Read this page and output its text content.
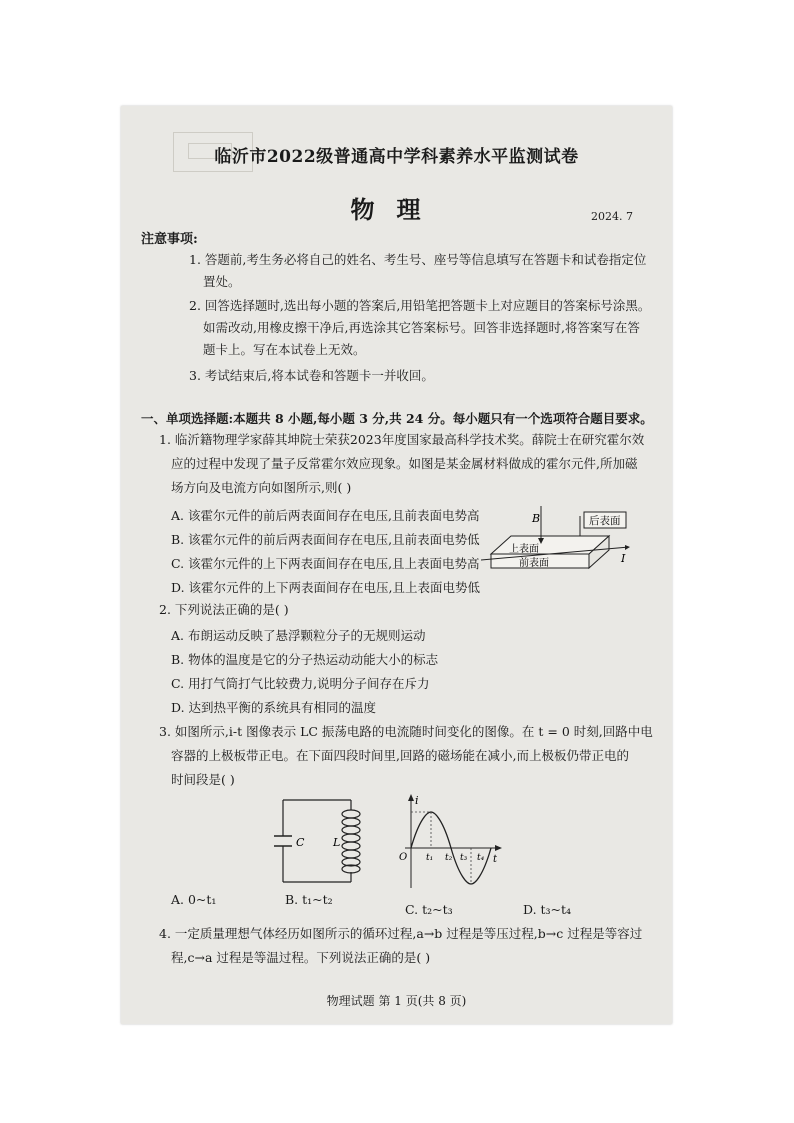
临沂市2022级普通高中学科素养水平监测试卷
物理	2024. 7
注意事项:
1. 答题前,考生务必将自己的姓名、考生号、座号等信息填写在答题卡和试卷指定位
置处。
2. 回答选择题时,选出每小题的答案后,用铅笔把答题卡上对应题目的答案标号涂黑。
如需改动,用橡皮擦干净后,再选涂其它答案标号。回答非选择题时,将答案写在答
题卡上。写在本试卷上无效。
3. 考试结束后,将本试卷和答题卡一并收回。
一、单项选择题:本题共 8 小题,每小题 3 分,共 24 分。每小题只有一个选项符合题目要求。
1. 临沂籍物理学家薛其坤院士荣获2023年度国家最高科学技术奖。薛院士在研究霍尔效
应的过程中发现了量子反常霍尔效应现象。如图是某金属材料做成的霍尔元件,所加磁
场方向及电流方向如图所示,则( )
A. 该霍尔元件的前后两表面间存在电压,且前表面电势高
B. 该霍尔元件的前后两表面间存在电压,且前表面电势低
C. 该霍尔元件的上下两表面间存在电压,且上表面电势高
D. 该霍尔元件的上下两表面间存在电压,且上表面电势低
B	后表面
I
上表面
前表面
2. 下列说法正确的是( )
A. 布朗运动反映了悬浮颗粒分子的无规则运动
B. 物体的温度是它的分子热运动动能大小的标志
C. 用打气筒打气比较费力,说明分子间存在斥力
D. 达到热平衡的系统具有相同的温度
3. 如图所示,i-t 图像表示 LC 振荡电路的电流随时间变化的图像。在 t = 0 时刻,回路中电
容器的上极板带正电。在下面四段时间里,回路的磁场能在减小,而上极板仍带正电的
时间段是( )
C	L
i
O	t
t₁ t₂ t₃ t₄
A. 0~t₁	B. t₁~t₂
C. t₂~t₃	D. t₃~t₄
4. 一定质量理想气体经历如图所示的循环过程,a→b 过程是等压过程,b→c 过程是等容过
程,c→a 过程是等温过程。下列说法正确的是( )
物理试题 第 1 页(共 8 页)
